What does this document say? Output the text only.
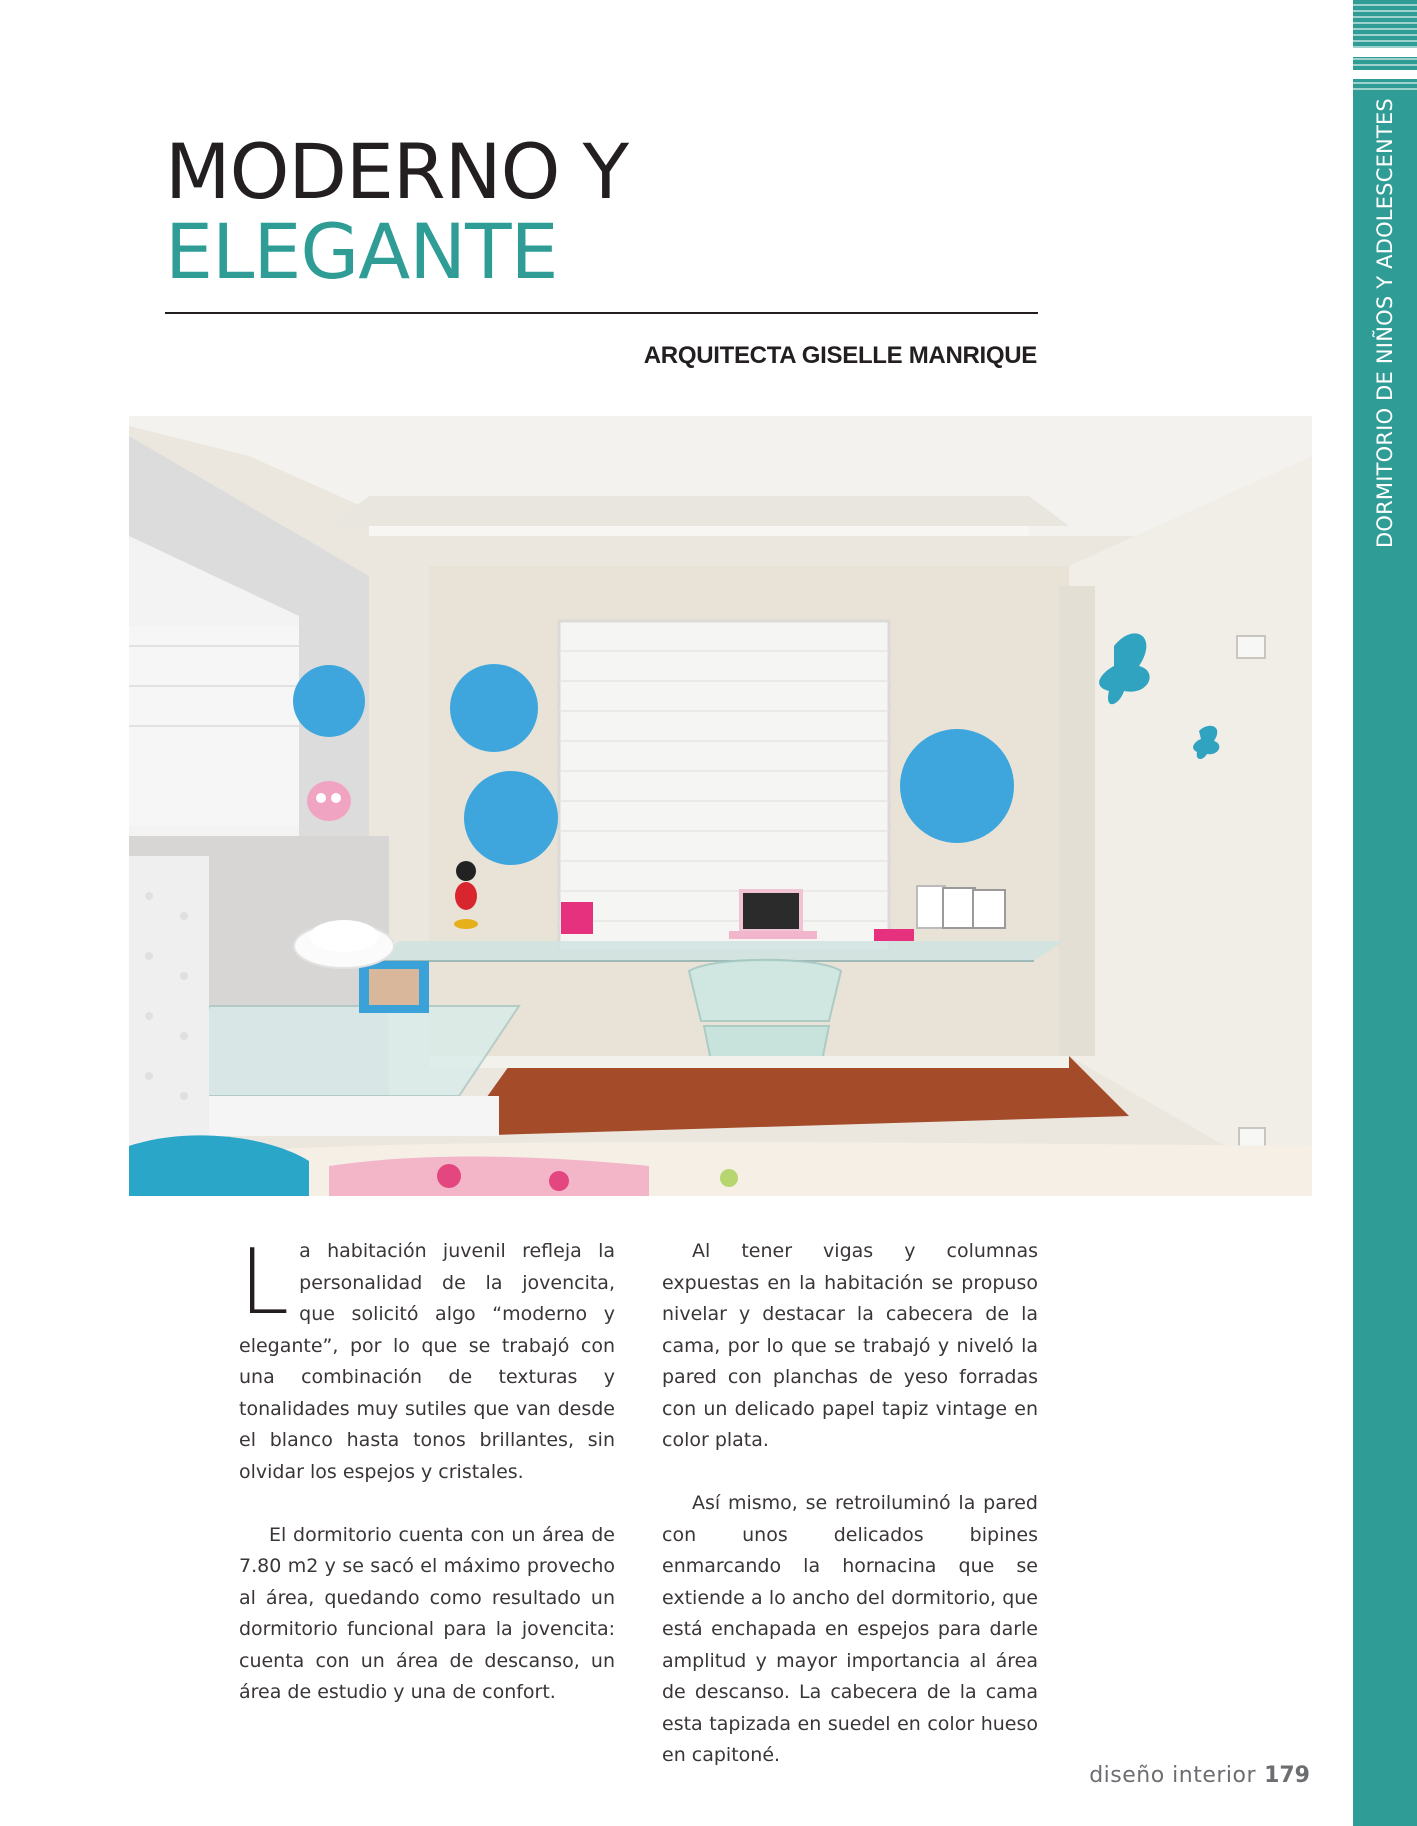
DORMITORIO DE NIÑOS Y ADOLESCENTES
MODERNO Y
ELEGANTE
ARQUITECTA GISELLE MANRIQUE

La habitación juvenil refleja la personalidad de la jovencita, que solicitó algo “moderno y elegante”, por lo que se trabajó con una combinación de texturas y tonalidades muy sutiles que van desde el blanco hasta tonos brillantes, sin olvidar los espejos y cristales.

El dormitorio cuenta con un área de 7.80 m2 y se sacó el máximo provecho al área, quedando como resultado un dormitorio funcional para la jovencita: cuenta con un área de descanso, un área de estudio y una de confort.

Al tener vigas y columnas expuestas en la habitación se propuso nivelar y destacar la cabecera de la cama, por lo que se trabajó y niveló la pared con planchas de yeso forradas con un delicado papel tapiz vintage en color plata.

Así mismo, se retroiluminó la pared con unos delicados bipines enmarcando la hornacina que se extiende a lo ancho del dormitorio, que está enchapada en espejos para darle amplitud y mayor importancia al área de descanso. La cabecera de la cama esta tapizada en suedel en color hueso en capitoné.

diseño interior 179
